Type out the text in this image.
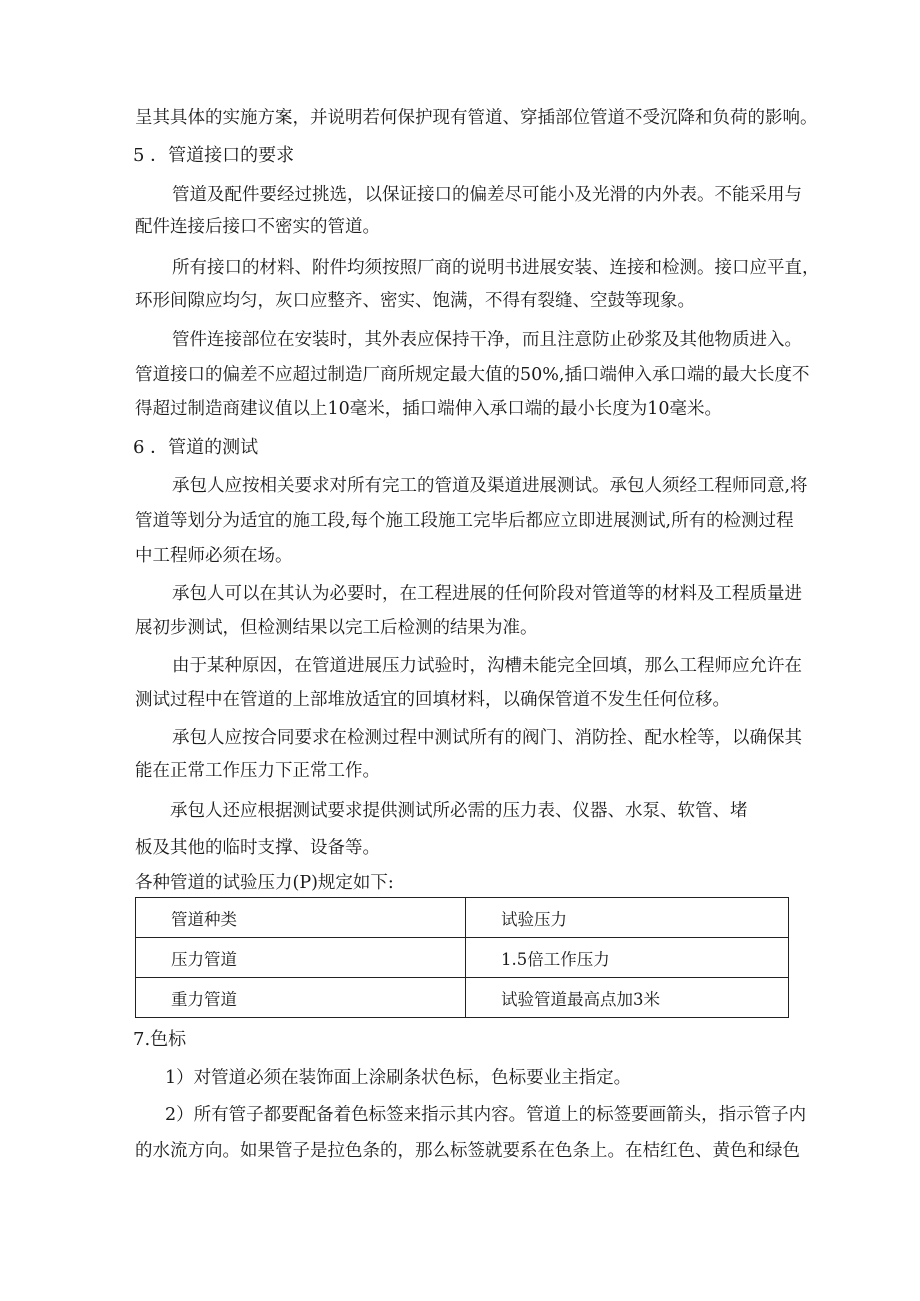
呈其具体的实施方案，并说明若何保护现有管道、穿插部位管道不受沉降和负荷的影响。
5 ．管道接口的要求
管道及配件要经过挑选，以保证接口的偏差尽可能小及光滑的内外表。不能采用与
配件连接后接口不密实的管道。
所有接口的材料、附件均须按照厂商的说明书进展安装、连接和检测。接口应平直，
环形间隙应均匀，灰口应整齐、密实、饱满，不得有裂缝、空鼓等现象。
管件连接部位在安装时，其外表应保持干净，而且注意防止砂浆及其他物质进入。
管道接口的偏差不应超过制造厂商所规定最大值的50%,插口端伸入承口端的最大长度不
得超过制造商建议值以上10毫米，插口端伸入承口端的最小长度为10毫米。
6 ．管道的测试
承包人应按相关要求对所有完工的管道及渠道进展测试。承包人须经工程师同意,将
管道等划分为适宜的施工段,每个施工段施工完毕后都应立即进展测试,所有的检测过程
中工程师必须在场。
承包人可以在其认为必要时，在工程进展的任何阶段对管道等的材料及工程质量进
展初步测试，但检测结果以完工后检测的结果为准。
由于某种原因，在管道进展压力试验时，沟槽未能完全回填，那么工程师应允许在
测试过程中在管道的上部堆放适宜的回填材料，以确保管道不发生任何位移。
承包人应按合同要求在检测过程中测试所有的阀门、消防拴、配水栓等，以确保其
能在正常工作压力下正常工作。
承包人还应根据测试要求提供测试所必需的压力表、仪器、水泵、软管、堵
板及其他的临时支撑、设备等。
各种管道的试验压力(P)规定如下:
管道种类	试验压力
压力管道	1.5倍工作压力
重力管道	试验管道最高点加3米
7.色标
1）对管道必须在装饰面上涂刷条状色标，色标要业主指定。
2）所有管子都要配备着色标签来指示其内容。管道上的标签要画箭头，指示管子内
的水流方向。如果管子是拉色条的，那么标签就要系在色条上。在桔红色、黄色和绿色
